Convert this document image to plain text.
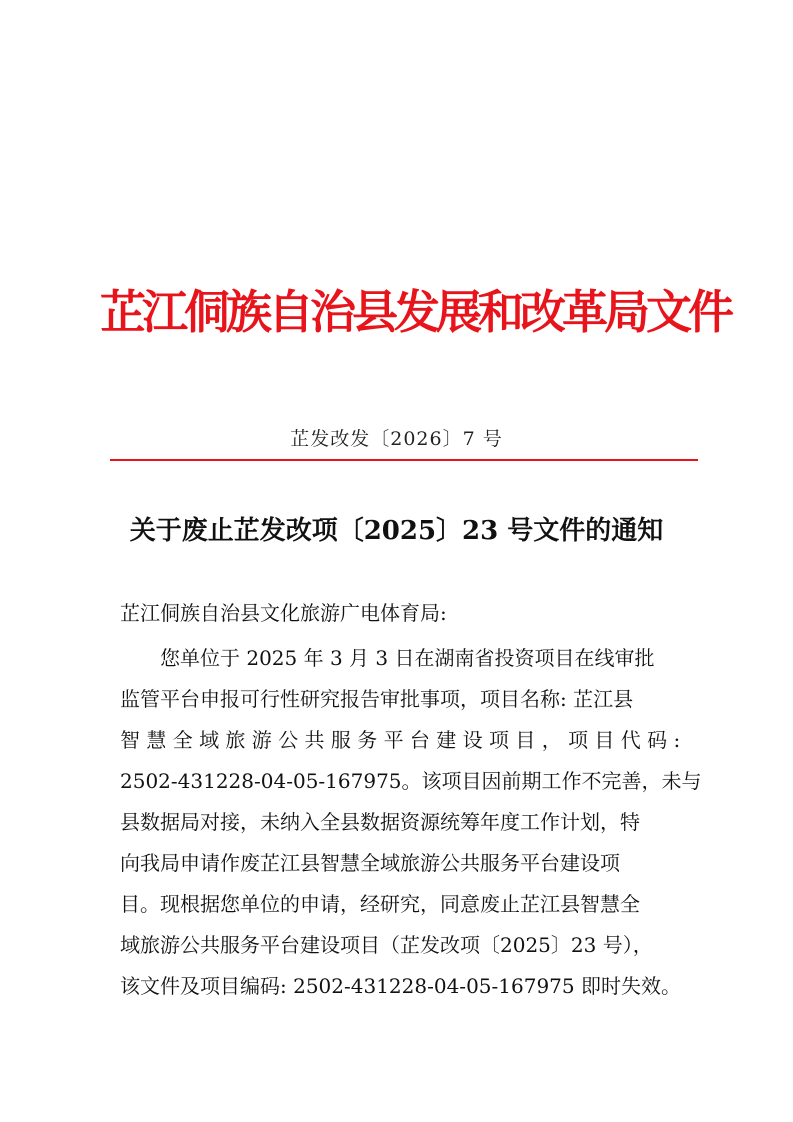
芷江侗族自治县发展和改革局文件
芷发改发〔2026〕7 号
关于废止芷发改项〔2025〕23 号文件的通知
芷江侗族自治县文化旅游广电体育局:
您单位于 2025 年 3 月 3 日在湖南省投资项目在线审批
监管平台申报可行性研究报告审批事项，项目名称: 芷江县
智 慧 全 域 旅 游 公 共 服 务 平 台 建 设 项 目 ， 项 目 代 码 :
2502-431228-04-05-167975。该项目因前期工作不完善，未与
县数据局对接，未纳入全县数据资源统筹年度工作计划，特
向我局申请作废芷江县智慧全域旅游公共服务平台建设项
目。现根据您单位的申请，经研究，同意废止芷江县智慧全
域旅游公共服务平台建设项目（芷发改项〔2025〕23 号），
该文件及项目编码: 2502-431228-04-05-167975 即时失效。
